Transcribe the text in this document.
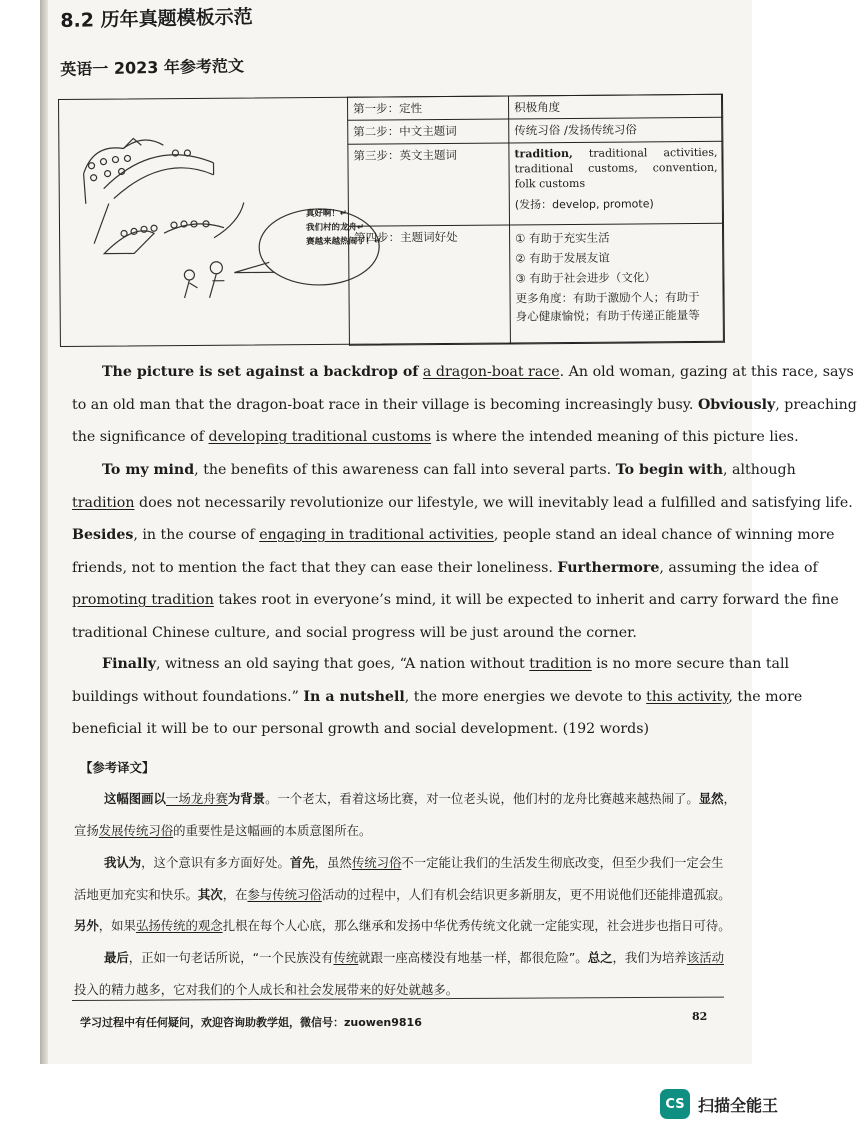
8.2 历年真题模板示范
英语一 2023 年参考范文
真好啊！↵
我们村的龙舟↵
赛越来越热闹了！↵
第一步：定性	积极角度
第二步：中文主题词	传统习俗 /发扬传统习俗
第三步：英文主题词	tradition, traditional activities, traditional customs, convention, folk customs
(发扬：develop, promote)

第四步：主题词好处	① 有助于充实生活
② 有助于发展友谊
③ 有助于社会进步（文化）
更多角度：有助于激励个人；有助于
身心健康愉悦；有助于传递正能量等
The picture is set against a backdrop of a dragon-boat race. An old woman, gazing at this race, says
to an old man that the dragon-boat race in their village is becoming increasingly busy. Obviously, preaching
the significance of developing traditional customs is where the intended meaning of this picture lies.
To my mind, the benefits of this awareness can fall into several parts. To begin with, although
tradition does not necessarily revolutionize our lifestyle, we will inevitably lead a fulfilled and satisfying life.
Besides, in the course of engaging in traditional activities, people stand an ideal chance of winning more
friends, not to mention the fact that they can ease their loneliness. Furthermore, assuming the idea of
promoting tradition takes root in everyone’s mind, it will be expected to inherit and carry forward the fine
traditional Chinese culture, and social progress will be just around the corner.
Finally, witness an old saying that goes, “A nation without tradition is no more secure than tall
buildings without foundations.” In a nutshell, the more energies we devote to this activity, the more
beneficial it will be to our personal growth and social development. (192 words)
【参考译文】
这幅图画以一场龙舟赛为背景。一个老太，看着这场比赛，对一位老头说，他们村的龙舟比赛越来越热闹了。显然，
宣扬发展传统习俗的重要性是这幅画的本质意图所在。
我认为，这个意识有多方面好处。首先，虽然传统习俗不一定能让我们的生活发生彻底改变，但至少我们一定会生
活地更加充实和快乐。其次，在参与传统习俗活动的过程中，人们有机会结识更多新朋友，更不用说他们还能排遣孤寂。
另外，如果弘扬传统的观念扎根在每个人心底，那么继承和发扬中华优秀传统文化就一定能实现，社会进步也指日可待。
最后，正如一句老话所说，“一个民族没有传统就跟一座高楼没有地基一样，都很危险”。总之，我们为培养该活动
投入的精力越多，它对我们的个人成长和社会发展带来的好处就越多。
学习过程中有任何疑问，欢迎咨询助教学姐，微信号：zuowen9816	82
CS 扫描全能王
